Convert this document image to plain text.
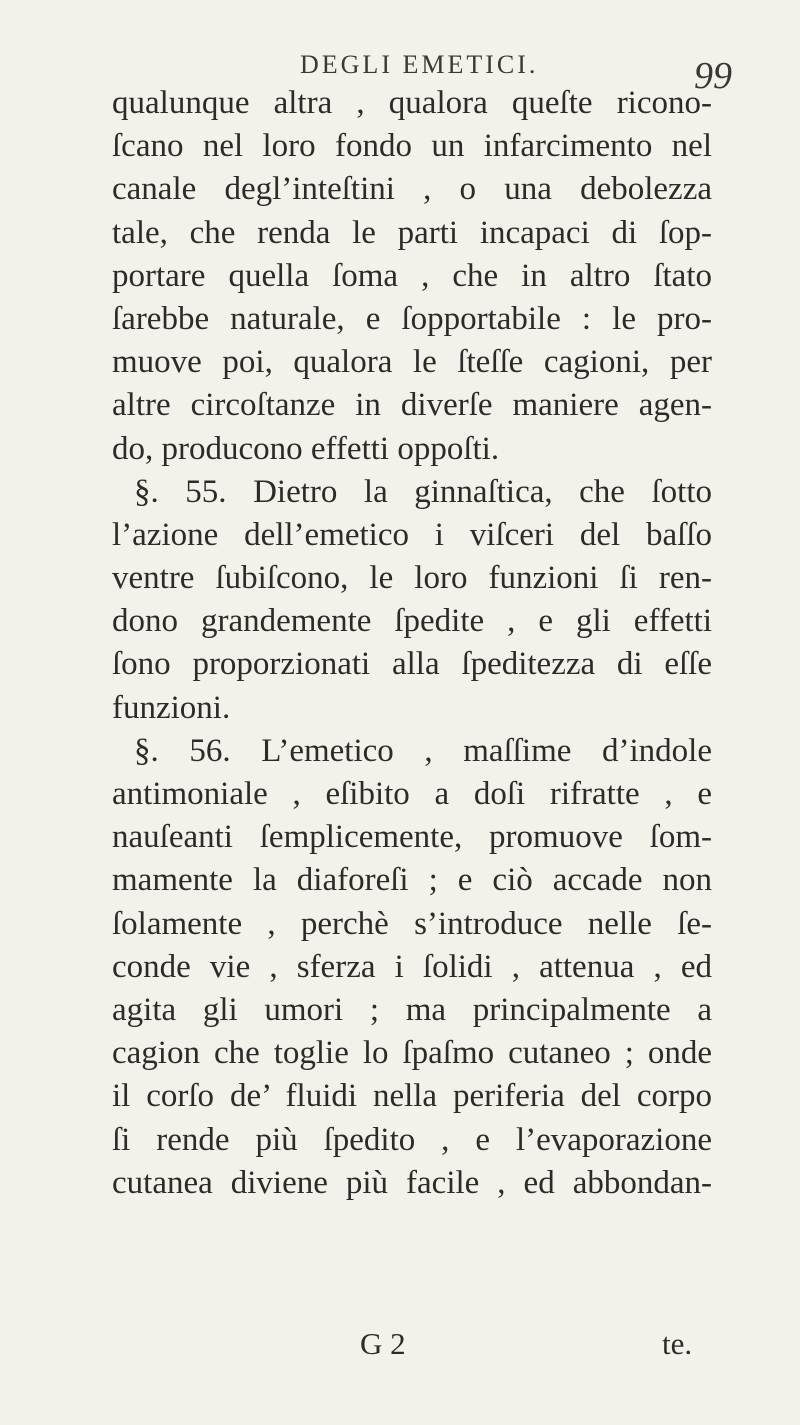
DEGLI EMETICI.	99
qualunque altra , qualora queſte ricono-
ſcano nel loro fondo un infarcimento nel
canale degl’inteſtini , o una debolezza
tale, che renda le parti incapaci di ſop-
portare quella ſoma , che in altro ſtato
ſarebbe naturale, e ſopportabile : le pro-
muove poi, qualora le ſteſſe cagioni, per
altre circoſtanze in diverſe maniere agen-
do, producono effetti oppoſti.
§. 55. Dietro la ginnaſtica, che ſotto
l’azione dell’emetico i viſceri del baſſo
ventre ſubiſcono, le loro funzioni ſi ren-
dono grandemente ſpedite , e gli effetti
ſono proporzionati alla ſpeditezza di eſſe
funzioni.
§. 56. L’emetico , maſſime d’indole
antimoniale , eſibito a doſi rifratte , e
nauſeanti ſemplicemente, promuove ſom-
mamente la diaforeſi ; e ciò accade non
ſolamente , perchè s’introduce nelle ſe-
conde vie , sferza i ſolidi , attenua , ed
agita gli umori ; ma principalmente a
cagion che toglie lo ſpaſmo cutaneo ; onde
il corſo de’ fluidi nella periferia del corpo
ſi rende più ſpedito , e l’evaporazione
cutanea diviene più facile , ed abbondan-
G 2	te.
